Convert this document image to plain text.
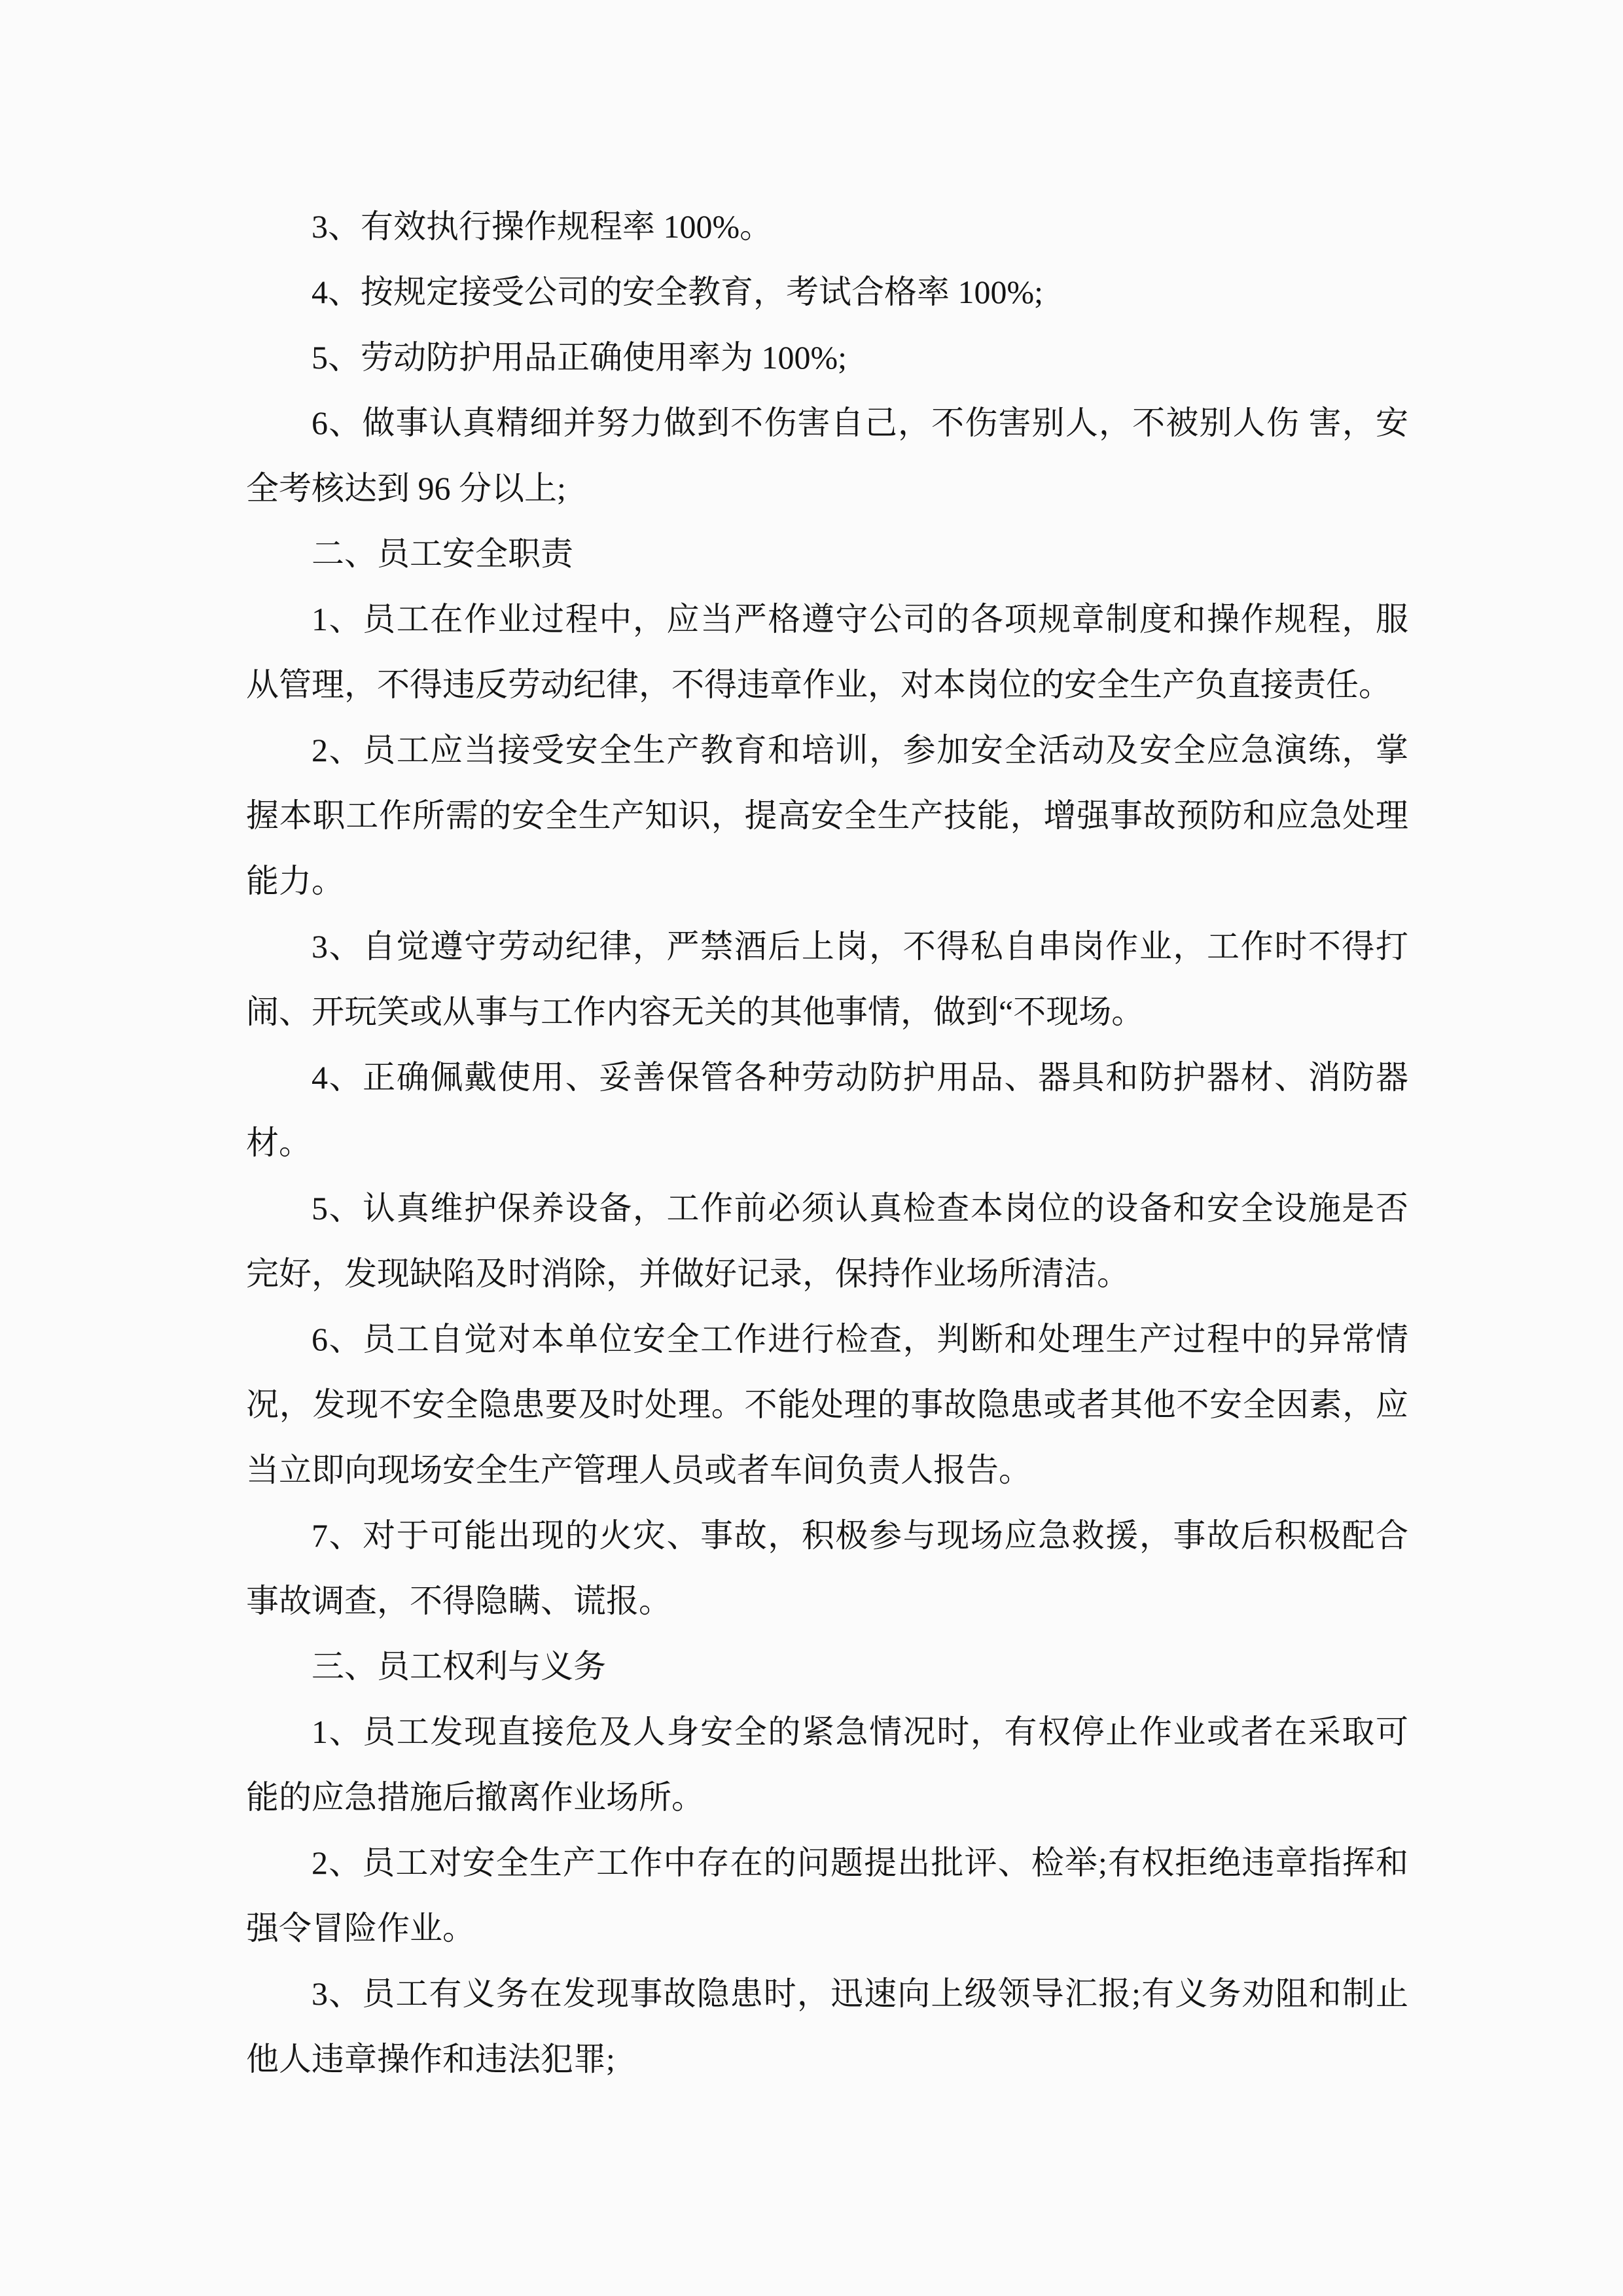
3、有效执行操作规程率 100%。

4、按规定接受公司的安全教育，考试合格率 100%;

5、劳动防护用品正确使用率为 100%;

6、做事认真精细并努力做到不伤害自己，不伤害别人，不被别人伤 害，安
全考核达到 96 分以上;

二、员工安全职责

1、员工在作业过程中，应当严格遵守公司的各项规章制度和操作规程，服
从管理，不得违反劳动纪律，不得违章作业，对本岗位的安全生产负直接责任。

2、员工应当接受安全生产教育和培训，参加安全活动及安全应急演练，掌
握本职工作所需的安全生产知识，提高安全生产技能，增强事故预防和应急处理
能力。

3、自觉遵守劳动纪律，严禁酒后上岗，不得私自串岗作业，工作时不得打
闹、开玩笑或从事与工作内容无关的其他事情，做到“不现场。

4、正确佩戴使用、妥善保管各种劳动防护用品、器具和防护器材、消防器
材。

5、认真维护保养设备，工作前必须认真检查本岗位的设备和安全设施是否
完好，发现缺陷及时消除，并做好记录，保持作业场所清洁。

6、员工自觉对本单位安全工作进行检查，判断和处理生产过程中的异常情
况，发现不安全隐患要及时处理。不能处理的事故隐患或者其他不安全因素，应
当立即向现场安全生产管理人员或者车间负责人报告。

7、对于可能出现的火灾、事故，积极参与现场应急救援，事故后积极配合
事故调查，不得隐瞒、谎报。

三、员工权利与义务

1、员工发现直接危及人身安全的紧急情况时，有权停止作业或者在采取可
能的应急措施后撤离作业场所。

2、员工对安全生产工作中存在的问题提出批评、检举;有权拒绝违章指挥和
强令冒险作业。

3、员工有义务在发现事故隐患时，迅速向上级领导汇报;有义务劝阻和制止
他人违章操作和违法犯罪;
